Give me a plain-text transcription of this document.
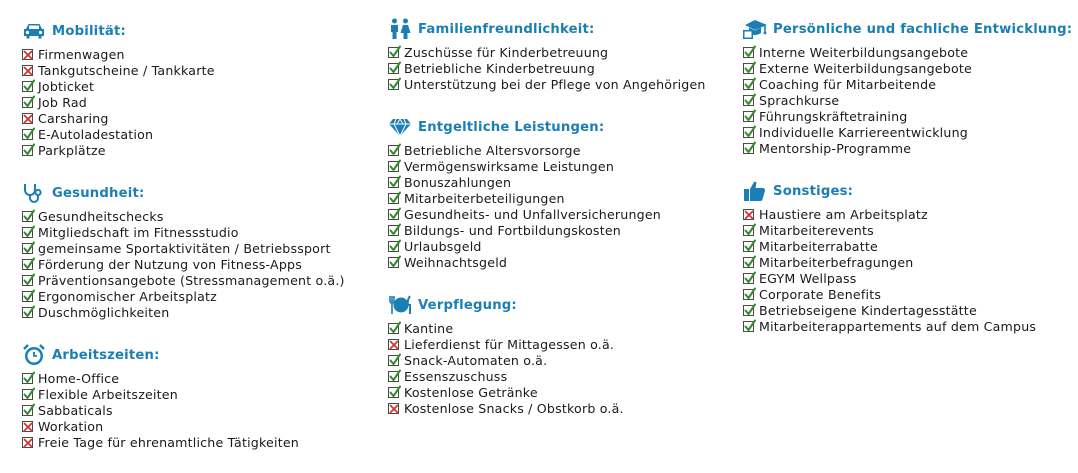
Mobilität:
Firmenwagen
Tankgutscheine / Tankkarte
Jobticket
Job Rad
Carsharing
E-Autoladestation
Parkplätze
Gesundheit:
Gesundheitschecks
Mitgliedschaft im Fitnessstudio
gemeinsame Sportaktivitäten / Betriebssport
Förderung der Nutzung von Fitness-Apps
Präventionsangebote (Stressmanagement o.ä.)
Ergonomischer Arbeitsplatz
Duschmöglichkeiten
Arbeitszeiten:
Home-Office
Flexible Arbeitszeiten
Sabbaticals
Workation
Freie Tage für ehrenamtliche Tätigkeiten
Familienfreundlichkeit:
Zuschüsse für Kinderbetreuung
Betriebliche Kinderbetreuung
Unterstützung bei der Pflege von Angehörigen
Entgeltliche Leistungen:
Betriebliche Altersvorsorge
Vermögenswirksame Leistungen
Bonuszahlungen
Mitarbeiterbeteiligungen
Gesundheits- und Unfallversicherungen
Bildungs- und Fortbildungskosten
Urlaubsgeld
Weihnachtsgeld
Verpflegung:
Kantine
Lieferdienst für Mittagessen o.ä.
Snack-Automaten o.ä.
Essenszuschuss
Kostenlose Getränke
Kostenlose Snacks / Obstkorb o.ä.
Persönliche und fachliche Entwicklung:
Interne Weiterbildungsangebote
Externe Weiterbildungsangebote
Coaching für Mitarbeitende
Sprachkurse
Führungskräftetraining
Individuelle Karriereentwicklung
Mentorship-Programme
Sonstiges:
Haustiere am Arbeitsplatz
Mitarbeiterevents
Mitarbeiterrabatte
Mitarbeiterbefragungen
EGYM Wellpass
Corporate Benefits
Betriebseigene Kindertagesstätte
Mitarbeiterappartements auf dem Campus
